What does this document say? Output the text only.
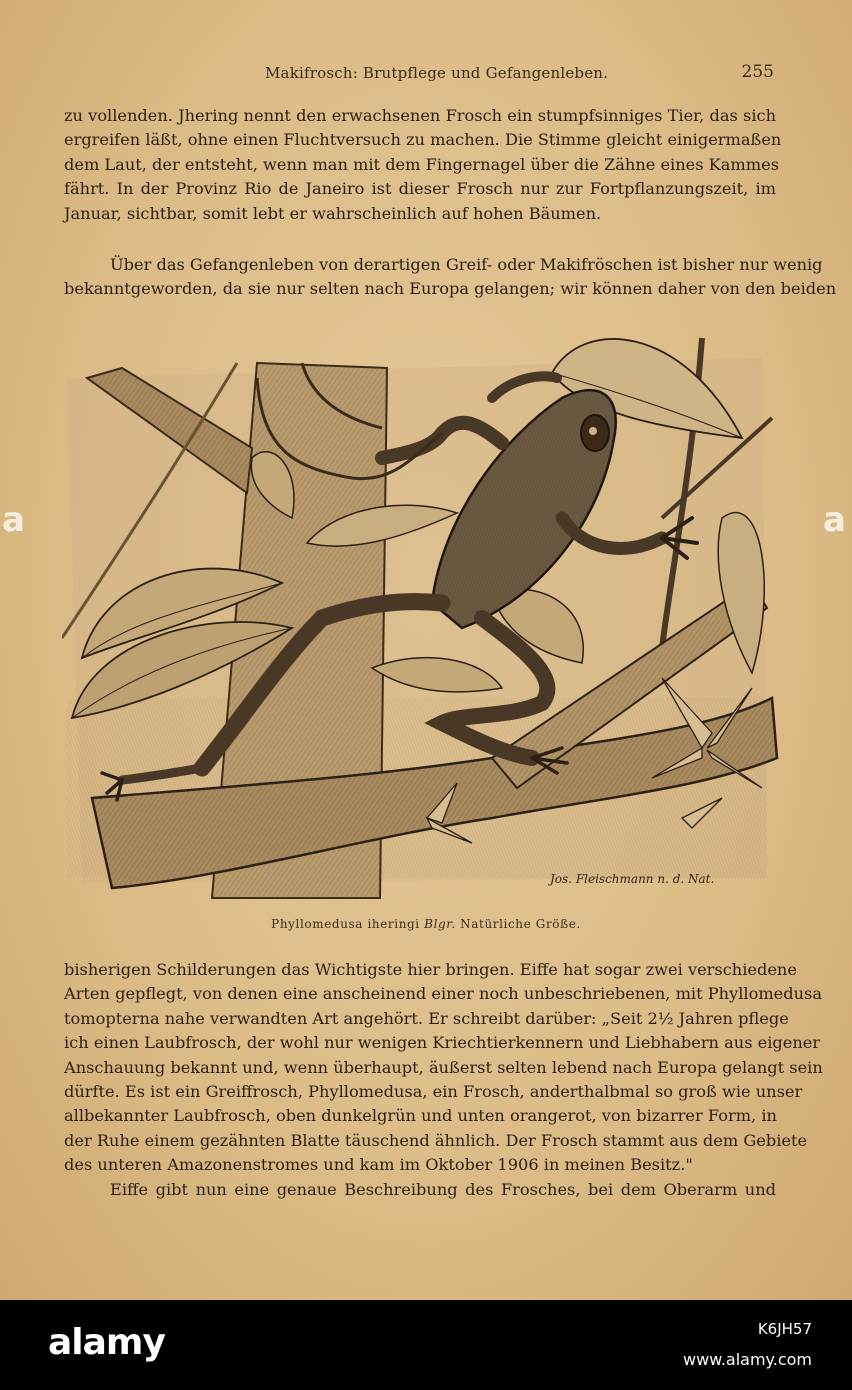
Makifrosch: Brutpflege und Gefangenleben.	255
zu vollenden. Jhering nennt den erwachsenen Frosch ein stumpfsinniges Tier, das sich
ergreifen läßt, ohne einen Fluchtversuch zu machen. Die Stimme gleicht einigermaßen
dem Laut, der entsteht, wenn man mit dem Fingernagel über die Zähne eines Kammes
fährt. In der Provinz Rio de Janeiro ist dieser Frosch nur zur Fortpflanzungszeit, im
Januar, sichtbar, somit lebt er wahrscheinlich auf hohen Bäumen.
Über das Gefangenleben von derartigen Greif- oder Makifröschen ist bisher nur wenig
bekanntgeworden, da sie nur selten nach Europa gelangen; wir können daher von den beiden
Jos. Fleischmann n. d. Nat.
Phyllomedusa iheringi Blgr. Natürliche Größe.
bisherigen Schilderungen das Wichtigste hier bringen. Eiffe hat sogar zwei verschiedene
Arten gepflegt, von denen eine anscheinend einer noch unbeschriebenen, mit Phyllomedusa
tomopterna nahe verwandten Art angehört. Er schreibt darüber: „Seit 2½ Jahren pflege
ich einen Laubfrosch, der wohl nur wenigen Kriechtierkennern und Liebhabern aus eigener
Anschauung bekannt und, wenn überhaupt, äußerst selten lebend nach Europa gelangt sein
dürfte. Es ist ein Greiffrosch, Phyllomedusa, ein Frosch, anderthalbmal so groß wie unser
allbekannter Laubfrosch, oben dunkelgrün und unten orangerot, von bizarrer Form, in
der Ruhe einem gezähnten Blatte täuschend ähnlich. Der Frosch stammt aus dem Gebiete
des unteren Amazonenstromes und kam im Oktober 1906 in meinen Besitz."
Eiffe gibt nun eine genaue Beschreibung des Frosches, bei dem Oberarm und
a	a
alamy	K6JH57
www.alamy.com
